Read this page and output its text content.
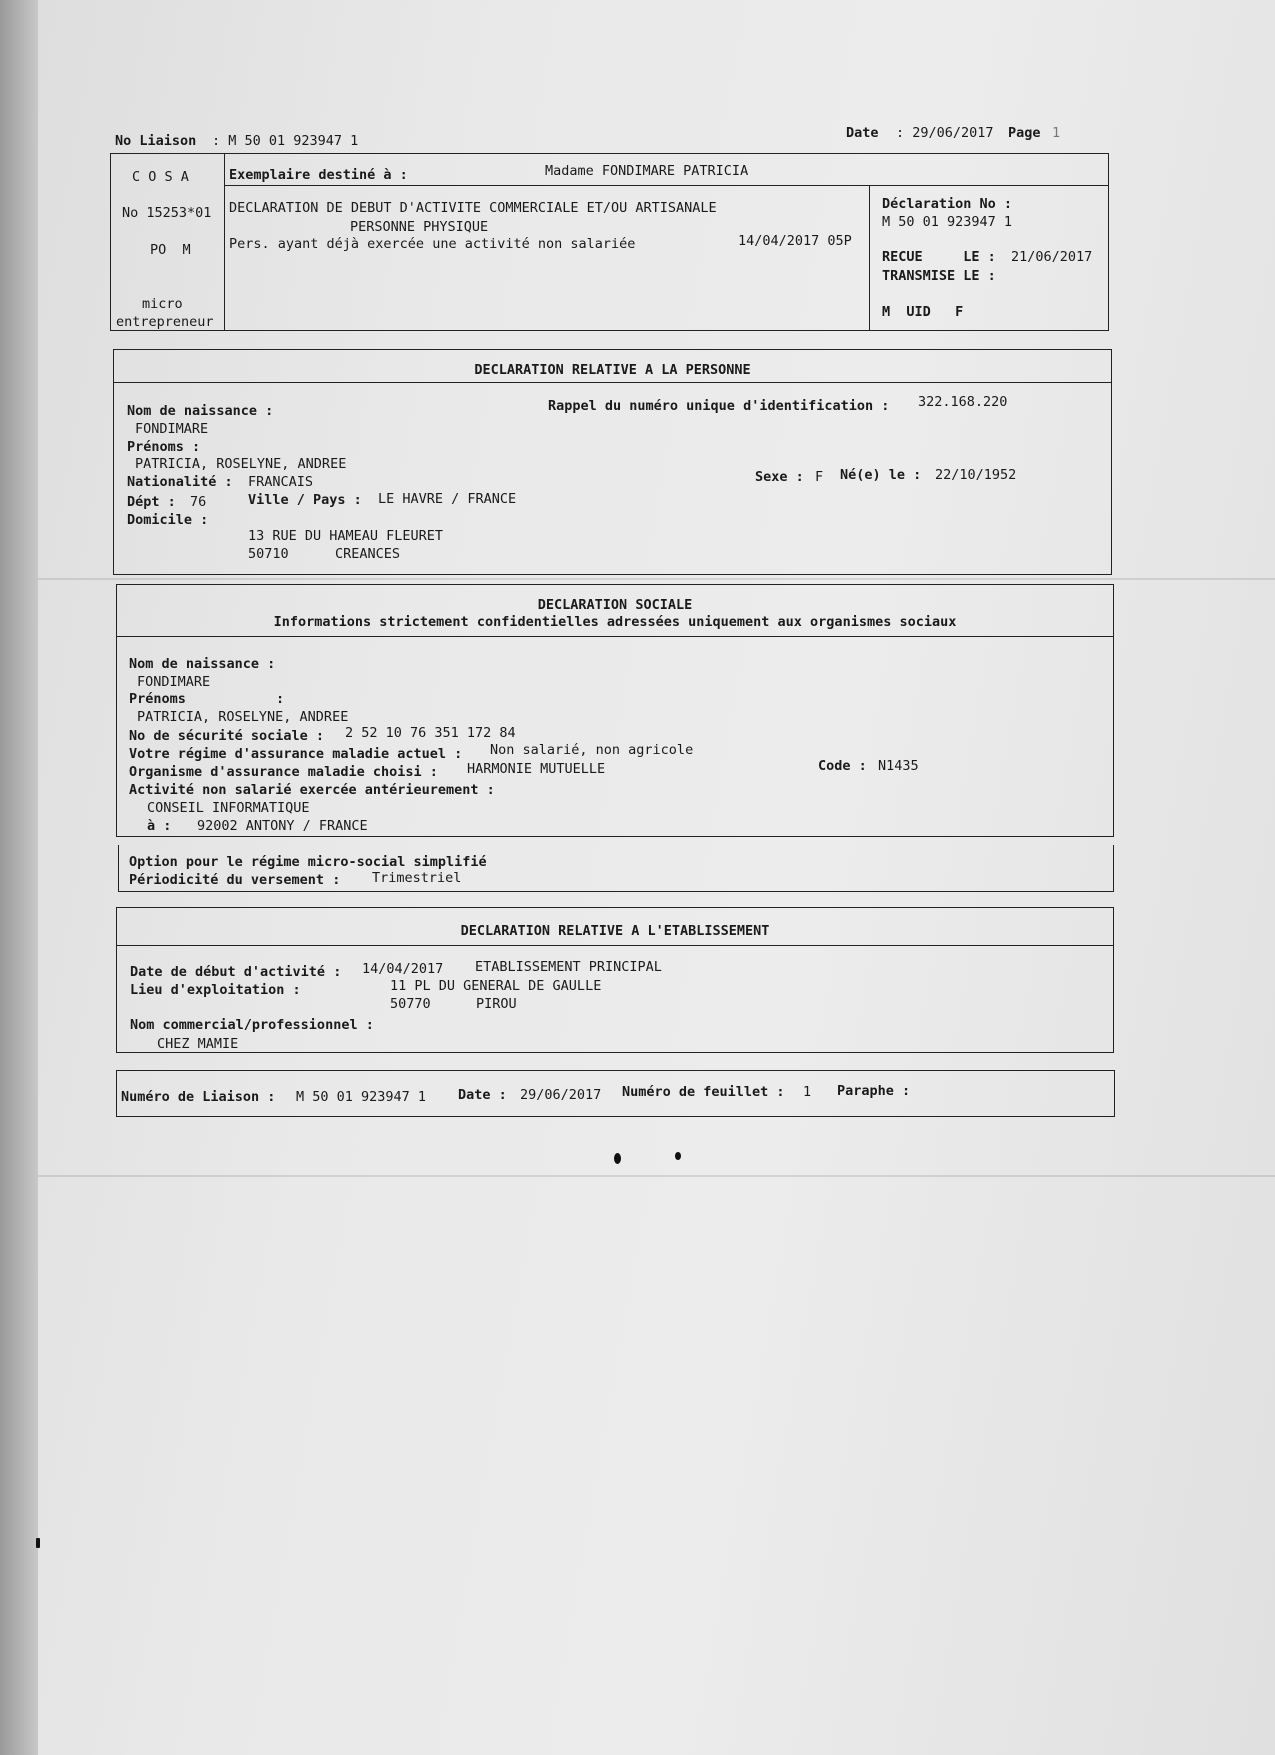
No Liaison : M 50 01 923947 1	Date : 29/06/2017 Page 1
C O S A
No 15253*01
PO  M
micro
entrepreneur
Exemplaire destiné à :	Madame FONDIMARE PATRICIA
DECLARATION DE DEBUT D'ACTIVITE COMMERCIALE ET/OU ARTISANALE
PERSONNE PHYSIQUE
Pers. ayant déjà exercée une activité non salariée	14/04/2017 05P
Déclaration No :
M 50 01 923947 1
RECUE     LE : 21/06/2017
TRANSMISE LE :
M  UID   F
DECLARATION RELATIVE A LA PERSONNE
Nom de naissance :
FONDIMARE
Rappel du numéro unique d'identification : 322.168.220
Prénoms :
PATRICIA, ROSELYNE, ANDREE
Nationalité : FRANCAIS	Sexe : F Né(e) le : 22/10/1952
Dépt : 76	Ville / Pays : LE HAVRE / FRANCE
Domicile :
13 RUE DU HAMEAU FLEURET
50710	CREANCES
DECLARATION SOCIALE
Informations strictement confidentielles adressées uniquement aux organismes sociaux
Nom de naissance :
FONDIMARE
Prénoms	:
PATRICIA, ROSELYNE, ANDREE
No de sécurité sociale : 2 52 10 76 351 172 84
Votre régime d'assurance maladie actuel : Non salarié, non agricole
Organisme d'assurance maladie choisi : HARMONIE MUTUELLE	Code : N1435
Activité non salarié exercée antérieurement :
CONSEIL INFORMATIQUE
à : 92002 ANTONY / FRANCE
Option pour le régime micro-social simplifié
Périodicité du versement : Trimestriel
DECLARATION RELATIVE A L'ETABLISSEMENT
Date de début d'activité : 14/04/2017 ETABLISSEMENT PRINCIPAL
Lieu d'exploitation :	11 PL DU GENERAL DE GAULLE
50770	PIROU
Nom commercial/professionnel :
CHEZ MAMIE
Numéro de Liaison : M 50 01 923947 1 Date : 29/06/2017 Numéro de feuillet : 1 Paraphe :
